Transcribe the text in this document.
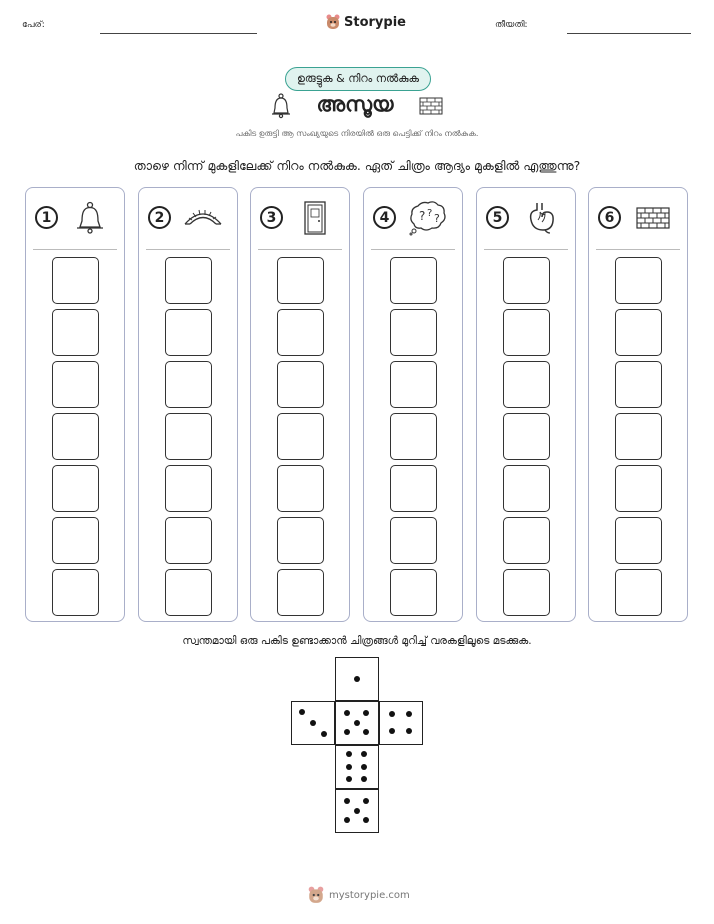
പേര്:	Storypie	തീയതി:
ഉരുട്ടുക & നിറം നൽകുക
അസൂയ
പകിട ഉരുട്ടി ആ സംഖ്യയുടെ നിരയിൽ ഒരു പെട്ടിക്ക് നിറം നൽകുക.
താഴെ നിന്ന് മുകളിലേക്ക് നിറം നൽകുക. ഏത് ചിത്രം ആദ്യം മുകളിൽ എത്തുന്നു?
1	2	3	4	? ? ?	5	6
സ്വന്തമായി ഒരു പകിട ഉണ്ടാക്കാൻ ചിത്രങ്ങൾ മുറിച്ച് വരകളിലൂടെ മടക്കുക.
mystorypie.com
